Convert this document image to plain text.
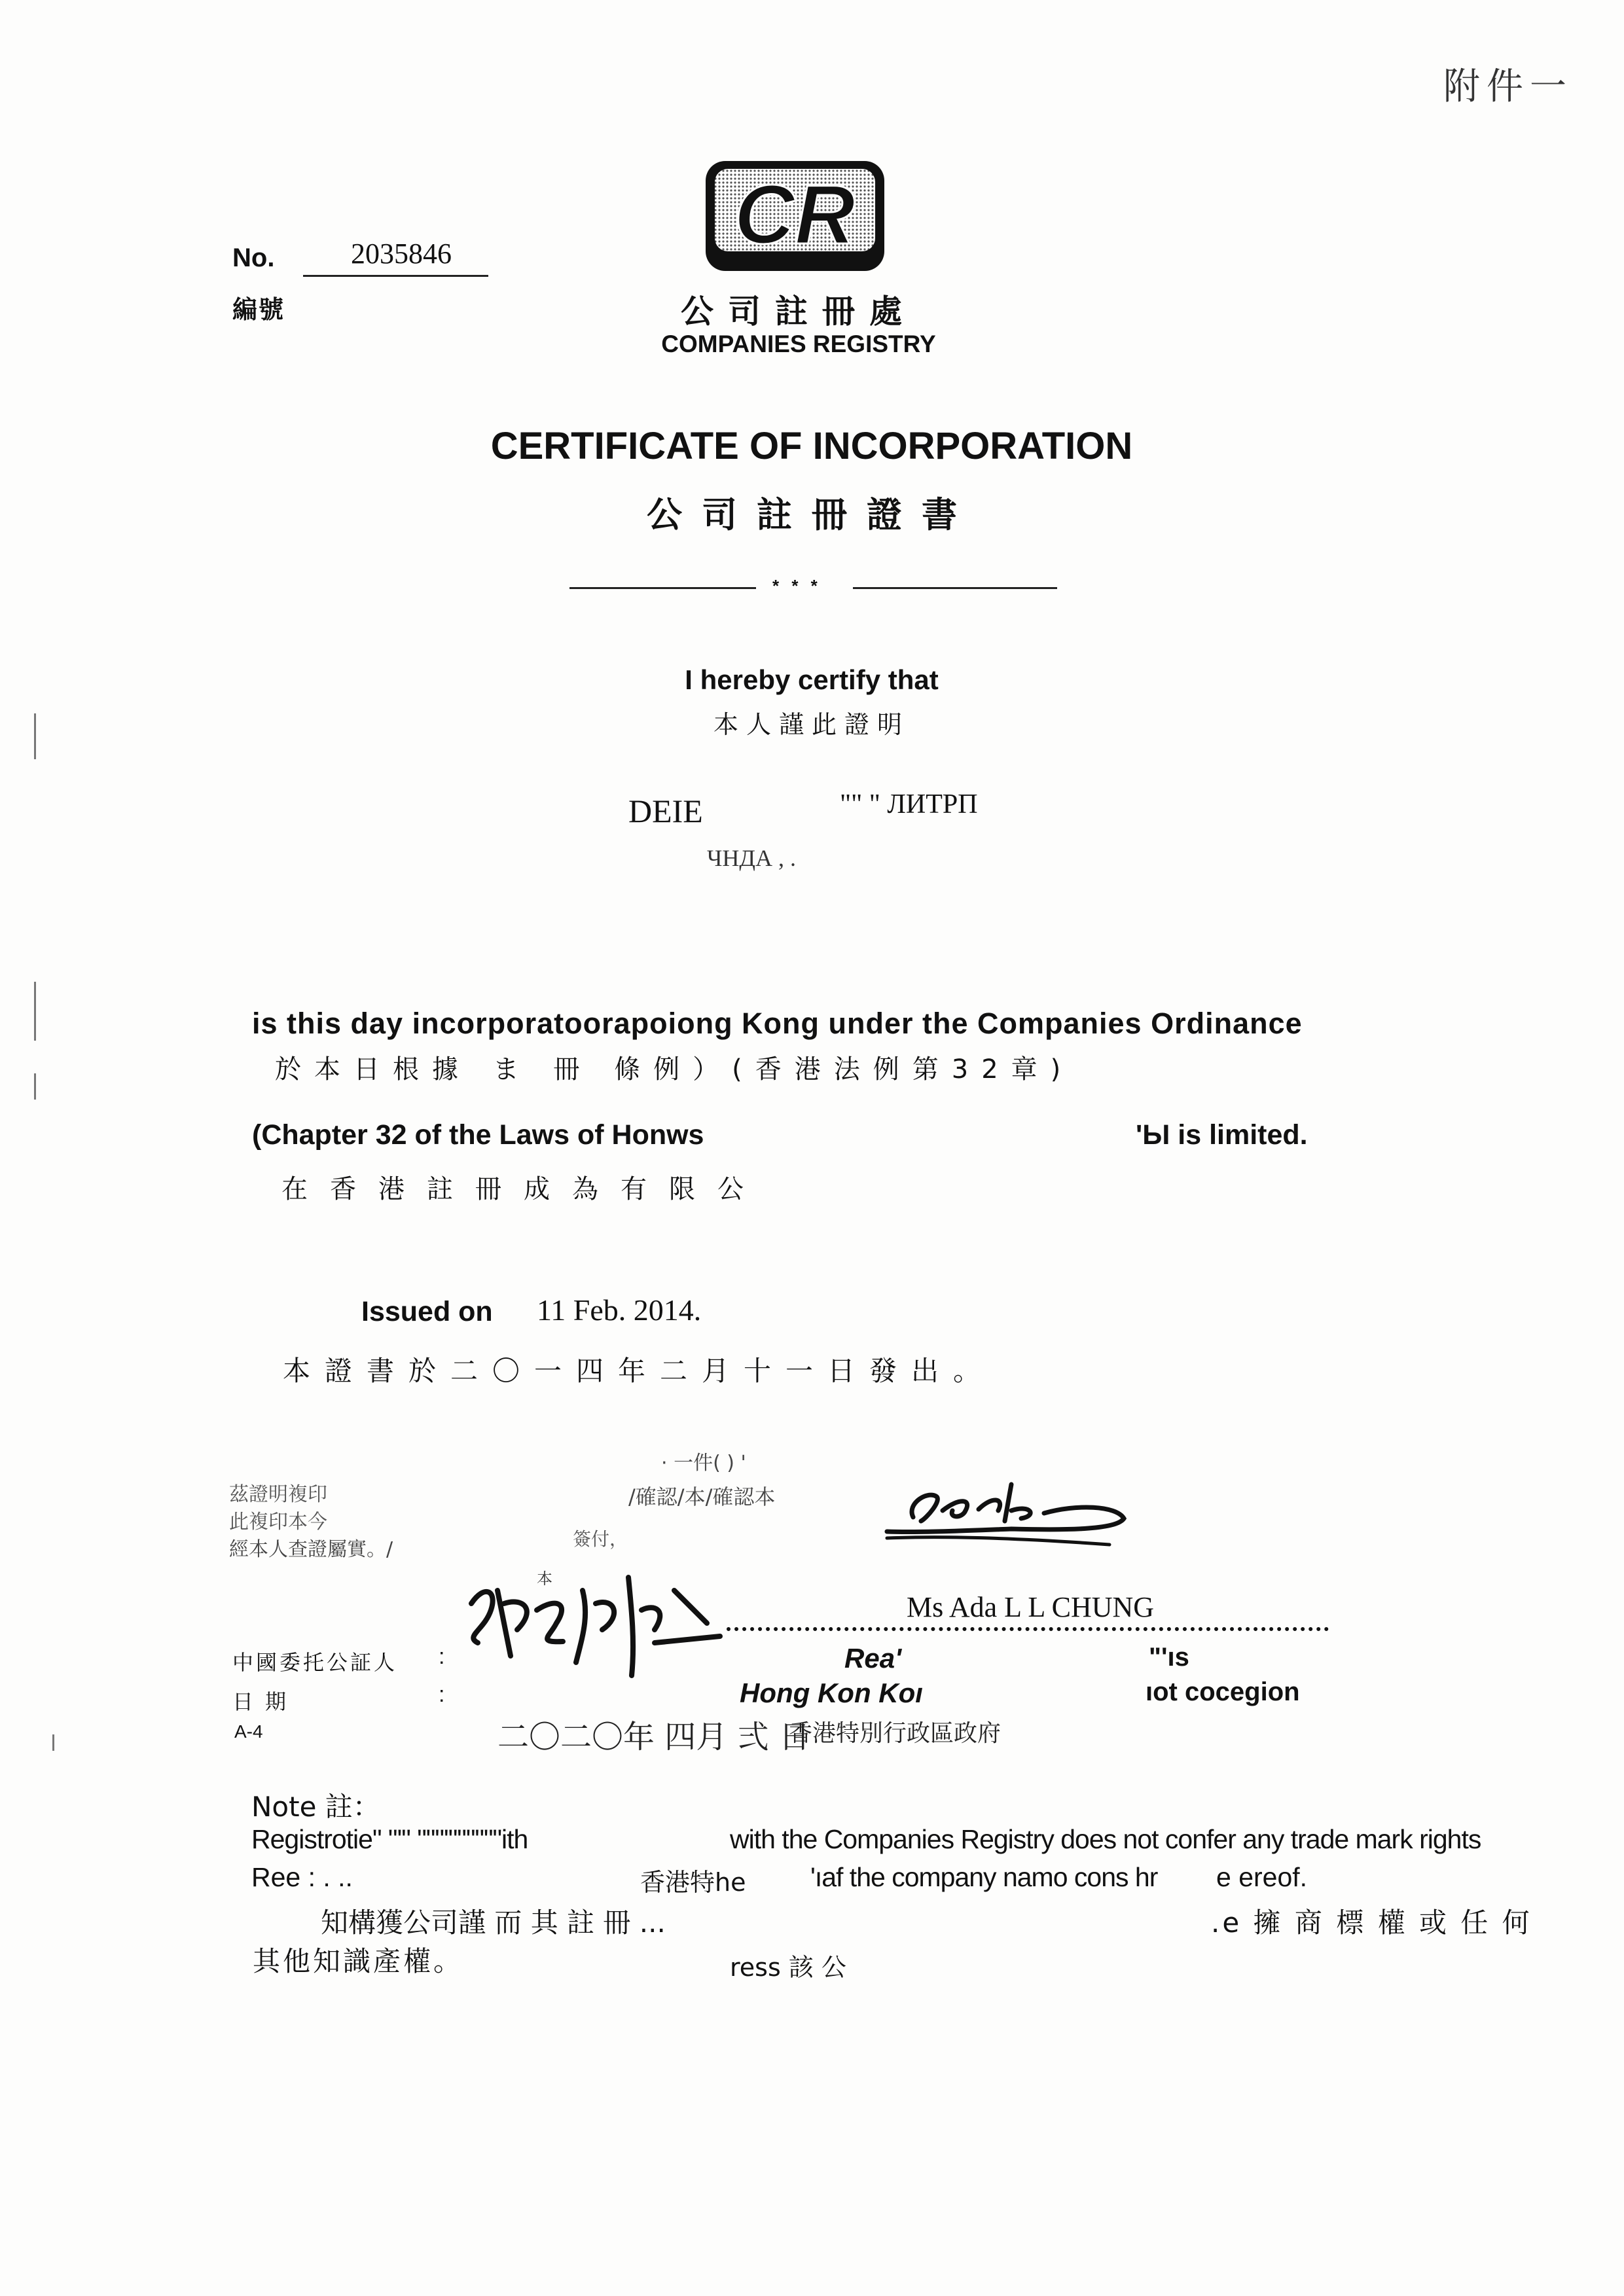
附件一
No.	2035846
編號
CR
公司註冊處
COMPANIES REGISTRY
CERTIFICATE OF INCORPORATION
公司註冊證書
* * *
I hereby certify that
本人謹此證明
DEIE	"" " ЛИТРП
ЧНДА , .
is this day incorporatoorapoiong Kong under the Companies Ordinance
於本日根據 ま 冊 條例）(香港法例第32章)
(Chapter 32 of the Laws of Honws	'Ы is limited.
在香港註冊成為有限公
Issued on 11 Feb. 2014.
本證書於二〇一四年二月十一日發出。
茲證明複印
此複印本今
經本人查證屬實。/
· 一件( ) '
/確認/本/確認本
簽付，
本
Ms Ada L L CHUNG
Rea'	"'ıs
Hong Kon Koı	ıot cocegion
中國委托公証人 :
日期	:
A-4	二〇二〇年 四月 弍 日
香港特別行政區政府
Note 註：
Registrotie" "'" """'""""""ith	with the Companies Registry does not confer any trade mark rights
Ree : . ..	香港特he 'ıaf the company namo cons hr e ereof.
知構獲公司謹 而 其 註 冊 ...	.e 擁 商 標 權 或 任 何
其他知識產權。	ress 該 公
